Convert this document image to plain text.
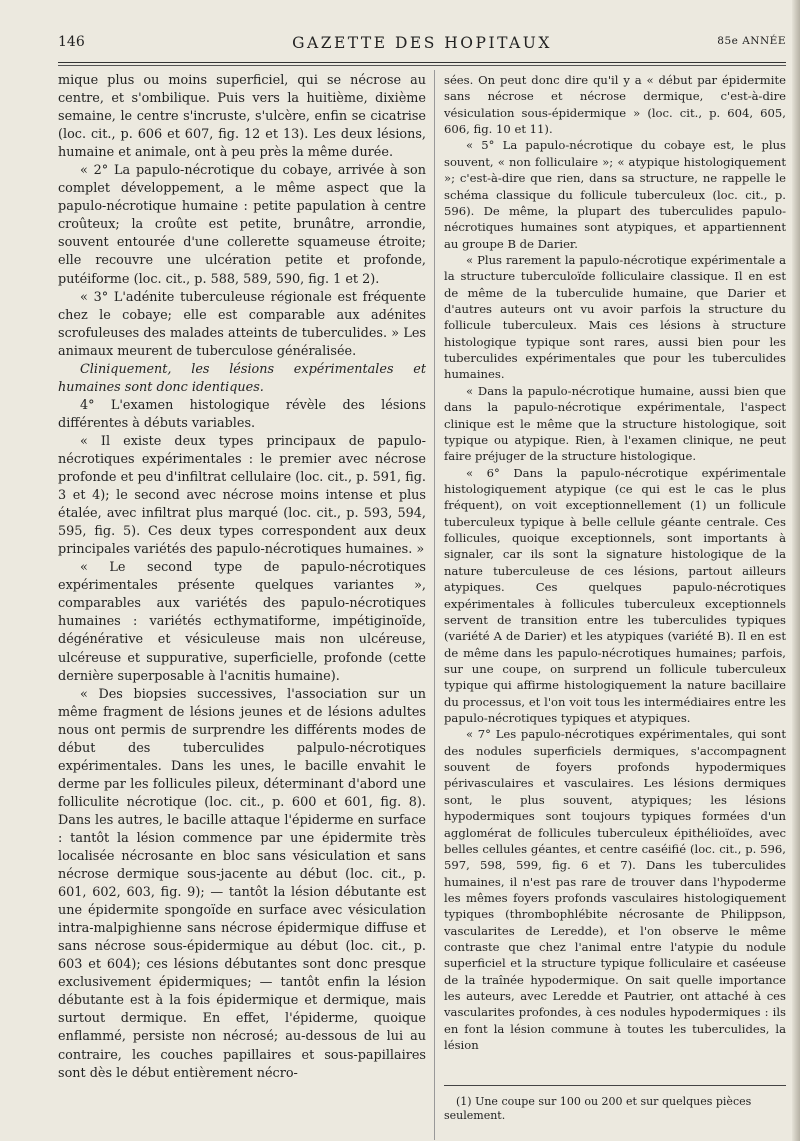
146	GAZETTE DES HOPITAUX	85e ANNÉE

mique plus ou moins superficiel, qui se nécrose au centre, et s'ombilique. Puis vers la huitième, dixième semaine, le centre s'incruste, s'ulcère, enfin se cicatrise (loc. cit., p. 606 et 607, fig. 12 et 13). Les deux lésions, humaine et animale, ont à peu près la même durée.

« 2° La papulo-nécrotique du cobaye, arrivée à son complet développement, a le même aspect que la papulo-nécrotique humaine : petite papulation à centre croûteux; la croûte est petite, brunâtre, arrondie, souvent entourée d'une collerette squameuse étroite; elle recouvre une ulcération petite et profonde, putéiforme (loc. cit., p. 588, 589, 590, fig. 1 et 2).

« 3° L'adénite tuberculeuse régionale est fréquente chez le cobaye; elle est comparable aux adénites scrofuleuses des malades atteints de tuberculides. » Les animaux meurent de tuberculose généralisée.

Cliniquement, les lésions expérimentales et humaines sont donc identiques.

4° L'examen histologique révèle des lésions différentes à débuts variables.

« Il existe deux types principaux de papulo-nécrotiques expérimentales : le premier avec nécrose profonde et peu d'infiltrat cellulaire (loc. cit., p. 591, fig. 3 et 4); le second avec nécrose moins intense et plus étalée, avec infiltrat plus marqué (loc. cit., p. 593, 594, 595, fig. 5). Ces deux types correspondent aux deux principales variétés des papulo-nécrotiques humaines. »

« Le second type de papulo-nécrotiques expérimentales présente quelques variantes », comparables aux variétés des papulo-nécrotiques humaines : variétés ecthymatiforme, impétiginoïde, dégénérative et vésiculeuse mais non ulcéreuse, ulcéreuse et suppurative, superficielle, profonde (cette dernière superposable à l'acnitis humaine).

« Des biopsies successives, l'association sur un même fragment de lésions jeunes et de lésions adultes nous ont permis de surprendre les différents modes de début des tuberculides palpulo-nécrotiques expérimentales. Dans les unes, le bacille envahit le derme par les follicules pileux, déterminant d'abord une folliculite nécrotique (loc. cit., p. 600 et 601, fig. 8). Dans les autres, le bacille attaque l'épiderme en surface : tantôt la lésion commence par une épidermite très localisée nécrosante en bloc sans vésiculation et sans nécrose dermique sous-jacente au début (loc. cit., p. 601, 602, 603, fig. 9); — tantôt la lésion débutante est une épidermite spongoïde en surface avec vésiculation intra-malpighienne sans nécrose épidermique diffuse et sans nécrose sous-épidermique au début (loc. cit., p. 603 et 604); ces lésions débutantes sont donc presque exclusivement épidermiques; — tantôt enfin la lésion débutante est à la fois épidermique et dermique, mais surtout dermique. En effet, l'épiderme, quoique enflammé, persiste non nécrosé; au-dessous de lui au contraire, les couches papillaires et sous-papillaires sont dès le début entièrement nécro-

sées. On peut donc dire qu'il y a « début par épidermite sans nécrose et nécrose dermique, c'est-à-dire vésiculation sous-épidermique » (loc. cit., p. 604, 605, 606, fig. 10 et 11).

« 5° La papulo-nécrotique du cobaye est, le plus souvent, « non folliculaire »; « atypique histologiquement »; c'est-à-dire que rien, dans sa structure, ne rappelle le schéma classique du follicule tuberculeux (loc. cit., p. 596). De même, la plupart des tuberculides papulo-nécrotiques humaines sont atypiques, et appartiennent au groupe B de Darier.

« Plus rarement la papulo-nécrotique expérimentale a la structure tuberculoïde folliculaire classique. Il en est de même de la tuberculide humaine, que Darier et d'autres auteurs ont vu avoir parfois la structure du follicule tuberculeux. Mais ces lésions à structure histologique typique sont rares, aussi bien pour les tuberculides expérimentales que pour les tuberculides humaines.

« Dans la papulo-nécrotique humaine, aussi bien que dans la papulo-nécrotique expérimentale, l'aspect clinique est le même que la structure histologique, soit typique ou atypique. Rien, à l'examen clinique, ne peut faire préjuger de la structure histologique.

« 6° Dans la papulo-nécrotique expérimentale histologiquement atypique (ce qui est le cas le plus fréquent), on voit exceptionnellement (1) un follicule tuberculeux typique à belle cellule géante centrale. Ces follicules, quoique exceptionnels, sont importants à signaler, car ils sont la signature histologique de la nature tuberculeuse de ces lésions, partout ailleurs atypiques. Ces quelques papulo-nécrotiques expérimentales à follicules tuberculeux exceptionnels servent de transition entre les tuberculides typiques (variété A de Darier) et les atypiques (variété B). Il en est de même dans les papulo-nécrotiques humaines; parfois, sur une coupe, on surprend un follicule tuberculeux typique qui affirme histologiquement la nature bacillaire du processus, et l'on voit tous les intermédiaires entre les papulo-nécrotiques typiques et atypiques.

« 7° Les papulo-nécrotiques expérimentales, qui sont des nodules superficiels dermiques, s'accompagnent souvent de foyers profonds hypodermiques périvasculaires et vasculaires. Les lésions dermiques sont, le plus souvent, atypiques; les lésions hypodermiques sont toujours typiques formées d'un agglomérat de follicules tuberculeux épithélioïdes, avec belles cellules géantes, et centre caséifié (loc. cit., p. 596, 597, 598, 599, fig. 6 et 7). Dans les tuberculides humaines, il n'est pas rare de trouver dans l'hypoderme les mêmes foyers profonds vasculaires histologiquement typiques (thrombophlébite nécrosante de Philippson, vascularites de Leredde), et l'on observe le même contraste que chez l'animal entre l'atypie du nodule superficiel et la structure typique folliculaire et caséeuse de la traînée hypodermique. On sait quelle importance les auteurs, avec Leredde et Pautrier, ont attaché à ces vascularites profondes, à ces nodules hypodermiques : ils en font la lésion commune à toutes les tuberculides, la lésion

(1) Une coupe sur 100 ou 200 et sur quelques pièces seulement.
